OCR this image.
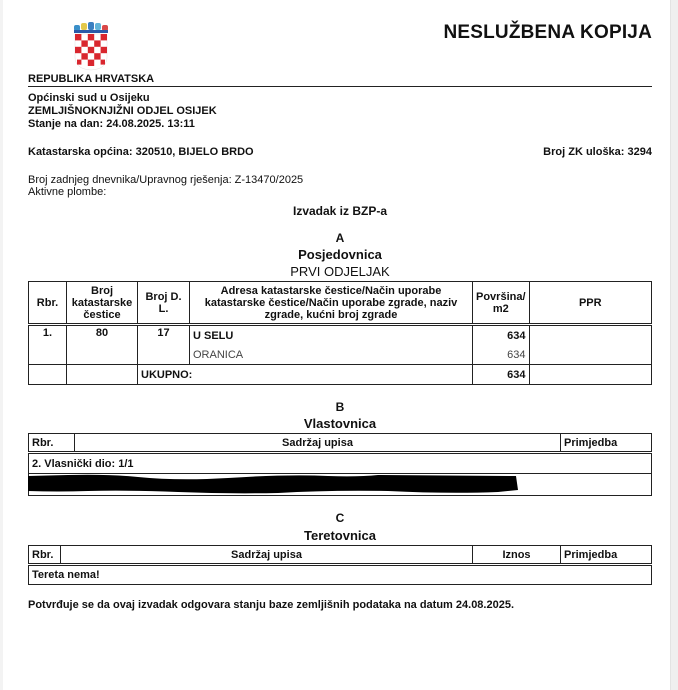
NESLUŽBENA KOPIJA
REPUBLIKA HRVATSKA
Općinski sud u Osijeku
ZEMLJIŠNOKNJIŽNI ODJEL OSIJEK
Stanje na dan: 24.08.2025. 13:11
Katastarska općina: 320510, BIJELO BRDO	Broj ZK uloška: 3294
Broj zadnjeg dnevnika/Upravnog rješenja: Z-13470/2025
Aktivne plombe:
Izvadak iz BZP-a
A
Posjedovnica
PRVI ODJELJAK
Rbr.	Broj katastarske čestice	Broj D. L.	Adresa katastarske čestice/Način uporabe katastarske čestice/Način uporabe zgrade, naziv zgrade, kućni broj zgrade	Površina/ m2	PPR
1.	80	17	U SELU	634	
			ORANICA	634	
		UKUPNO:		634	
B
Vlastovnica
Rbr.	Sadržaj upisa	Primjedba
2. Vlasnički dio: 1/1

C
Teretovnica
Rbr.	Sadržaj upisa	Iznos	Primjedba
Tereta nema!
Potvrđuje se da ovaj izvadak odgovara stanju baze zemljišnih podataka na datum 24.08.2025.
